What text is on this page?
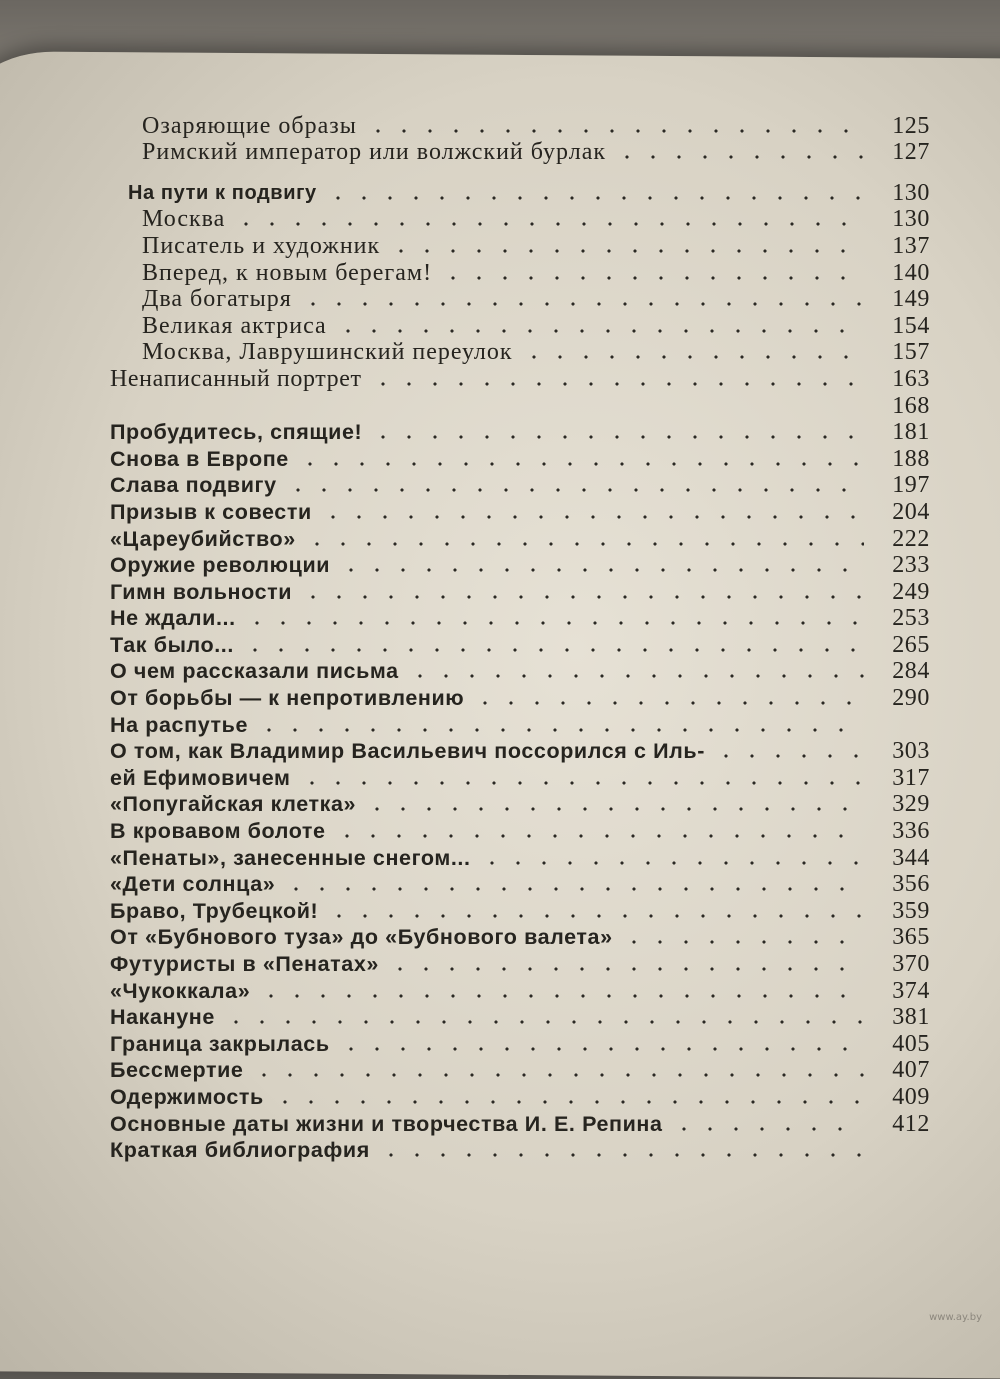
Озаряющие образы	125
Римский император или волжский бурлак	127
На пути к подвигу	130
Москва	130
Писатель и художник	137
Вперед, к новым берегам!	140
Два богатыря	149
Великая актриса	154
Москва, Лаврушинский переулок	157
Ненаписанный портрет	163
168
Пробудитесь, спящие!	181
Снова в Европе	188
Слава подвигу	197
Призыв к совести	204
«Цареубийство»	222
Оружие революции	233
Гимн вольности	249
Не ждали...	253
Так было...	265
О чем рассказали письма	284
От борьбы — к непротивлению	290
На распутье
О том, как Владимир Васильевич поссорился с Иль-	303
ей Ефимовичем	317
«Попугайская клетка»	329
В кровавом болоте	336
«Пенаты», занесенные снегом...	344
«Дети солнца»	356
Браво, Трубецкой!	359
От «Бубнового туза» до «Бубнового валета»	365
Футуристы в «Пенатах»	370
«Чукоккала»	374
Накануне	381
Граница закрылась	405
Бессмертие	407
Одержимость	409
Основные даты жизни и творчества И. Е. Репина	412
Краткая библиография
www.ay.by
